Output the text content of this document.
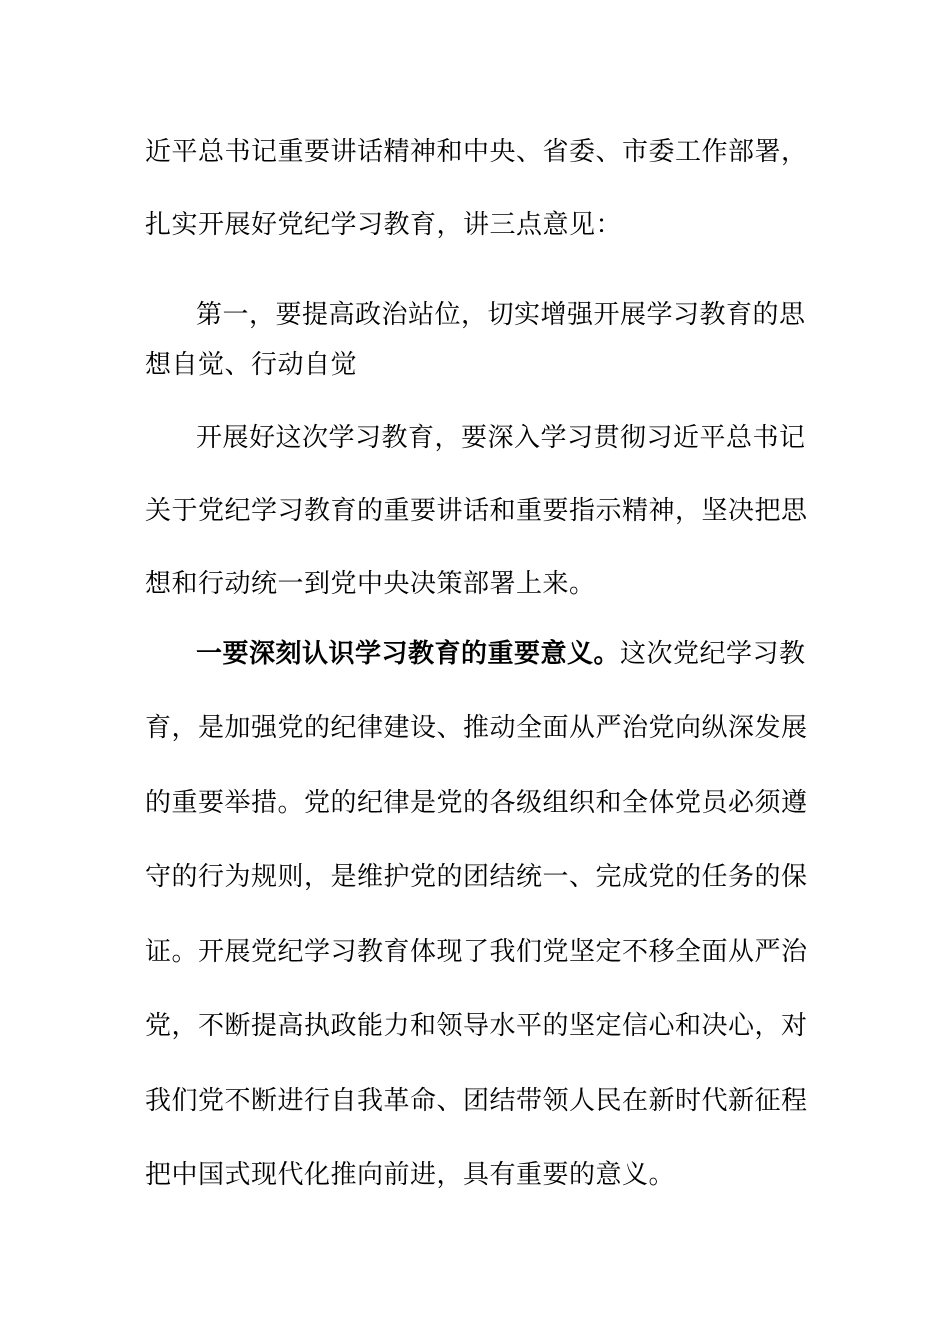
近平总书记重要讲话精神和中央、省委、市委工作部署，
扎实开展好党纪学习教育，讲三点意见：
第一，要提高政治站位，切实增强开展学习教育的思
想自觉、行动自觉
开展好这次学习教育，要深入学习贯彻习近平总书记
关于党纪学习教育的重要讲话和重要指示精神，坚决把思
想和行动统一到党中央决策部署上来。
一要深刻认识学习教育的重要意义。这次党纪学习教
育，是加强党的纪律建设、推动全面从严治党向纵深发展
的重要举措。党的纪律是党的各级组织和全体党员必须遵
守的行为规则，是维护党的团结统一、完成党的任务的保
证。开展党纪学习教育体现了我们党坚定不移全面从严治
党，不断提高执政能力和领导水平的坚定信心和决心，对
我们党不断进行自我革命、团结带领人民在新时代新征程
把中国式现代化推向前进，具有重要的意义。
